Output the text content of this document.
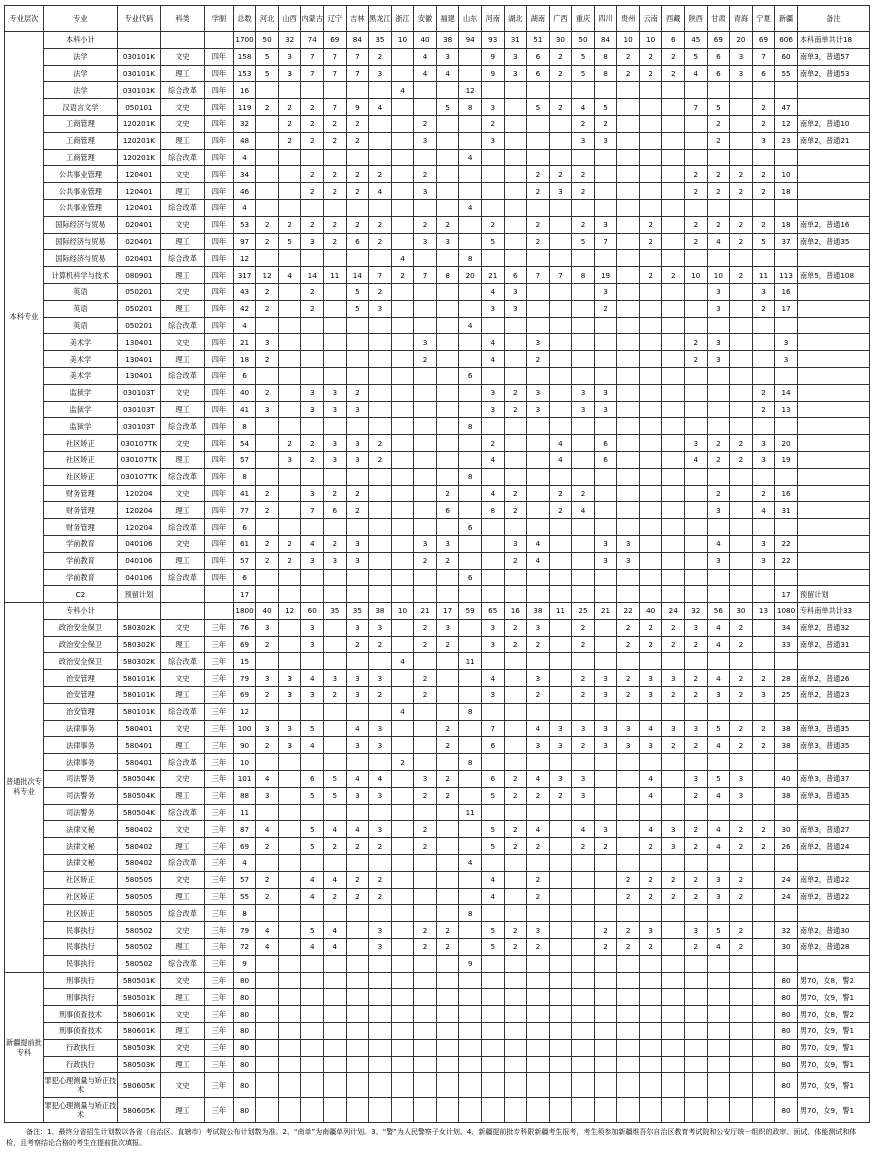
专业层次	专业	专业代码	科类	学制	总数	河北	山西	内蒙古	辽宁	吉林	黑龙江	浙江	安徽	福建	山东	河南	湖北	湖南	广西	重庆	四川	贵州	云南	西藏	陕西	甘肃	青海	宁夏	新疆	备注
本科专业	本科小计				1700	50	32	74	69	84	35	10	40	38	94	93	31	51	30	50	84	10	10	6	45	69	20	69	606	本科南单共计18
	法学	030101K	文史	四年	158	5	3	7	7	7	2		4	3		9	3	6	2	5	8	2	2	2	5	6	3	7	60	南单3，普通57
	法学	030101K	理工	四年	153	5	3	7	7	7	3		4	4		9	3	6	2	5	8	2	2	2	4	6	3	6	55	南单2，普通53
	法学	030101K	综合改革	四年	16							4			12															
	汉语言文学	050101	文史	四年	119	2	2	2	7	9	4			5	8	3		5	2	4	5				7	5		2	47	
	工商管理	120201K	文史	四年	32		2	2	2	2			2			2				2	2					2		2	12	南单2，普通10
	工商管理	120201K	理工	四年	48		2	2	2	2			3			3				3	3					2		3	23	南单2，普通21
	工商管理	120201K	综合改革	四年	4										4															
	公共事业管理	120401	文史	四年	34			2	2	2	2		2					2	2	2					2	2	2	2	10	
	公共事业管理	120401	理工	四年	46			2	2	2	4		3					2	3	2					2	2	2	2	18	
	公共事业管理	120401	综合改革	四年	4										4															
	国际经济与贸易	020401	文史	四年	53	2	2	2	2	2	2		2	2		2		2		2	3		2		2	2	2	2	18	南单2，普通16
	国际经济与贸易	020401	理工	四年	97	2	5	3	2	6	2		3	3		5		2		5	7		2		2	4	2	5	37	南单2，普通35
	国际经济与贸易	020401	综合改革	四年	12							4			8															
	计算机科学与技术	080901	理工	四年	317	12	4	14	11	14	7	2	7	8	20	21	6	7	7	8	19		2	2	10	10	2	11	113	南单5，普通108
	英语	050201	文史	四年	43	2		2		5	2					4	3				3					3		3	16	
	英语	050201	理工	四年	42	2		2		5	3					3	3				2					3		2	17	
	英语	050201	综合改革	四年	4										4															
	美术学	130401	文史	四年	21	3							3			4		3							2	3			3	
	美术学	130401	理工	四年	18	2							2			4		2							2	3			3	
	美术学	130401	综合改革	四年	6										6															
	监狱学	030103T	文史	四年	40	2		3	3	2						3	2	3		3	3							2	14	
	监狱学	030103T	理工	四年	41	3		3	3	3						3	2	3		3	3							2	13	
	监狱学	030103T	综合改革	四年	8										8															
	社区矫正	030107TK	文史	四年	54		2	2	3	3	2					2			4		6				3	2	2	3	20	
	社区矫正	030107TK	理工	四年	57		3	2	3	3	2					4			4		6				4	2	2	3	19	
	社区矫正	030107TK	综合改革	四年	8										8															
	财务管理	120204	文史	四年	41	2		3	2	2				2		4	2		2	2						2		2	16	
	财务管理	120204	理工	四年	77	2		7	6	2				6		8	2		2	4						3		4	31	
	财务管理	120204	综合改革	四年	6										6															
	学前教育	040106	文史	四年	61	2	2	4	2	3			3	3			3	4			3	3				4		3	22	
	学前教育	040106	理工	四年	57	2	2	3	3	3			2	2			2	4			3	3				3		3	22	
	学前教育	040106	综合改革	四年	6										6															
	C2	预留计划			17																								17	预留计划
普通批次专科专业	专科小计				1800	40	12	60	35	35	38	10	21	17	59	65	16	38	11	25	21	22	40	24	32	56	30	13	1080	专科南单共计33
	政治安全保卫	580302K	文史	三年	76	3		3		3	3		2	3		3	2	3		2		2	2	2	3	4	2		34	南单2，普通32
	政治安全保卫	580302K	理工	三年	69	2		3		2	2		2	2		3	2	2		2		2	2	2	2	4	2		33	南单2，普通31
	政治安全保卫	580302K	综合改革	三年	15							4			11															
	治安管理	580101K	文史	三年	79	3	3	4	3	3	3		2			4		3		2	3	2	3	3	2	4	2	2	28	南单2，普通26
	治安管理	580101K	理工	三年	69	2	3	3	2	3	2		2			3		2		2	3	2	3	2	2	3	2	3	25	南单2，普通23
	治安管理	580101K	综合改革	三年	12							4			8															
	法律事务	580401	文史	三年	100	3	3	5		4	3			2		7		4	3	3	3	3	4	3	3	5	2	2	38	南单3，普通35
	法律事务	580401	理工	三年	90	2	3	4		3	3			2		6		3	3	2	3	3	3	2	2	4	2	2	38	南单3，普通35
	法律事务	580401	综合改革	三年	10							2			8															
	司法警务	580504K	文史	三年	101	4		6	5	4	4		3	2		6	2	4	3	3			4		3	5	3		40	南单3，普通37
	司法警务	580504K	理工	三年	88	3		5	5	3	3		2	2		5	2	2	2	3			4		2	4	3		38	南单3，普通35
	司法警务	580504K	综合改革	三年	11										11															
	法律文秘	580402	文史	三年	87	4		5	4	4	3		2			5	2	4		4	3		4	3	2	4	2	2	30	南单3，普通27
	法律文秘	580402	理工	三年	69	2		5	2	2	2		2			5	2	2		2	2		2	3	2	4	2	2	26	南单2，普通24
	法律文秘	580402	综合改革	三年	4										4															
	社区矫正	580505	文史	三年	57	2		4	4	2	2					4		2				2	2	2	2	3	2		24	南单2，普通22
	社区矫正	580505	理工	三年	55	2		4	2	2	2					4		2				2	2	2	2	3	2		24	南单2，普通22
	社区矫正	580505	综合改革	三年	8										8															
	民事执行	580502	文史	三年	79	4		5	4		3		2	2		5	2	3			2	2	3		3	5	2		32	南单2，普通30
	民事执行	580502	理工	三年	72	4		4	4		3		2	2		5	2	2			2	2	2		2	4	2		30	南单2，普通28
	民事执行	580502	综合改革	三年	9										9															
新疆提前批专科	刑事执行	580501K	文史	三年	80																								80	男70，女8，警2
	刑事执行	580501K	理工	三年	80																								80	男70，女9，警1
	刑事侦查技术	580601K	文史	三年	80																								80	男70，女8，警2
	刑事侦查技术	580601K	理工	三年	80																								80	男70，女9，警1
	行政执行	580503K	文史	三年	80																								80	男70，女9，警1
	行政执行	580503K	理工	三年	80																								80	男70，女9，警1
	罪犯心理测量与矫正技术	580605K	文史	三年	80																								80	男70，女9，警1
	罪犯心理测量与矫正技术	580605K	理工	三年	80																								80	男70，女9，警1
备注：1、最终分省招生计划数以各省（自治区、直辖市）考试院公布计划数为准。2、“南单”为南疆单列计划。3、“警”为人民警察子女计划。4、新疆提前批专科限新疆考生报考，考生须参加新疆维吾尔自治区教育考试院和公安厅统一组织的政审、面试、体能测试和体检，且考察结论合格的考生在提前批次填报。
